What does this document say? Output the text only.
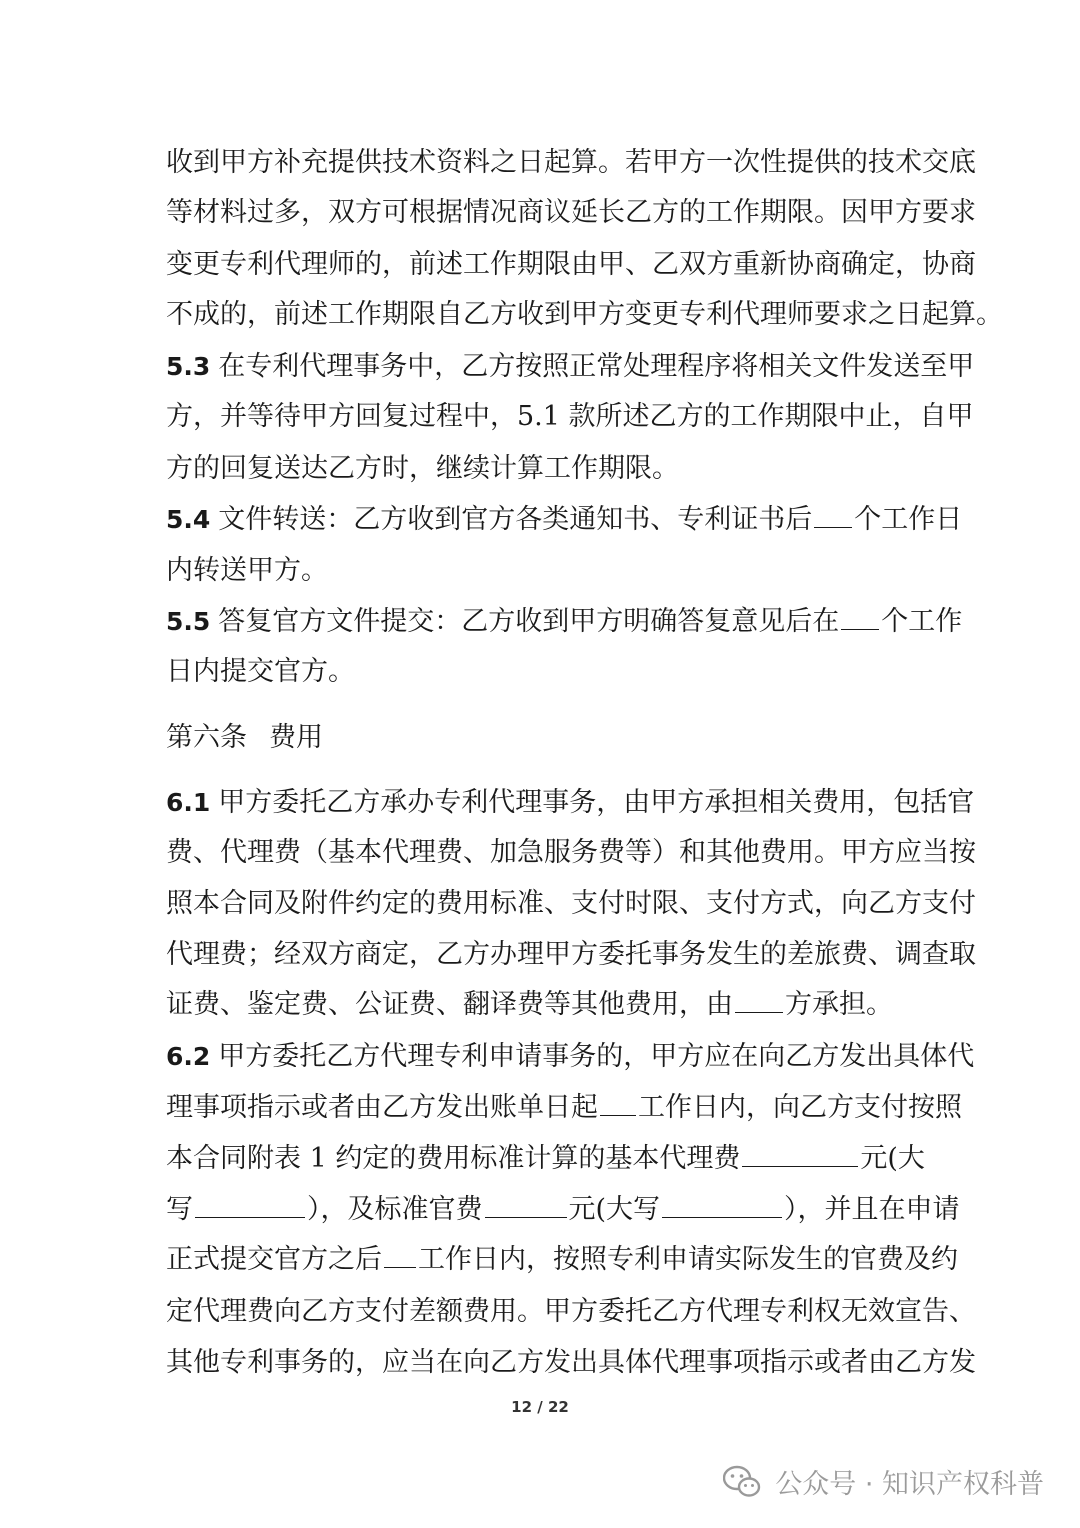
收到甲方补充提供技术资料之日起算。若甲方一次性提供的技术交底
等材料过多，双方可根据情况商议延长乙方的工作期限。因甲方要求
变更专利代理师的，前述工作期限由甲、乙双方重新协商确定，协商
不成的，前述工作期限自乙方收到甲方变更专利代理师要求之日起算。
5.3 在专利代理事务中，乙方按照正常处理程序将相关文件发送至甲
方，并等待甲方回复过程中，5.1 款所述乙方的工作期限中止，自甲
方的回复送达乙方时，继续计算工作期限。
5.4 文件转送：乙方收到官方各类通知书、专利证书后 个工作日
内转送甲方。
5.5 答复官方文件提交：乙方收到甲方明确答复意见后在 个工作
日内提交官方。
第六条 费用
6.1 甲方委托乙方承办专利代理事务，由甲方承担相关费用，包括官
费、代理费（基本代理费、加急服务费等）和其他费用。甲方应当按
照本合同及附件约定的费用标准、支付时限、支付方式，向乙方支付
代理费；经双方商定，乙方办理甲方委托事务发生的差旅费、调查取
证费、鉴定费、公证费、翻译费等其他费用，由 方承担。
6.2 甲方委托乙方代理专利申请事务的，甲方应在向乙方发出具体代
理事项指示或者由乙方发出账单日起 工作日内，向乙方支付按照
本合同附表 1 约定的费用标准计算的基本代理费	元(大
写	），及标准官费	元(大写	），并且在申请
正式提交官方之后 工作日内，按照专利申请实际发生的官费及约
定代理费向乙方支付差额费用。甲方委托乙方代理专利权无效宣告、
其他专利事务的，应当在向乙方发出具体代理事项指示或者由乙方发
12 / 22
公众号 · 知识产权科普
